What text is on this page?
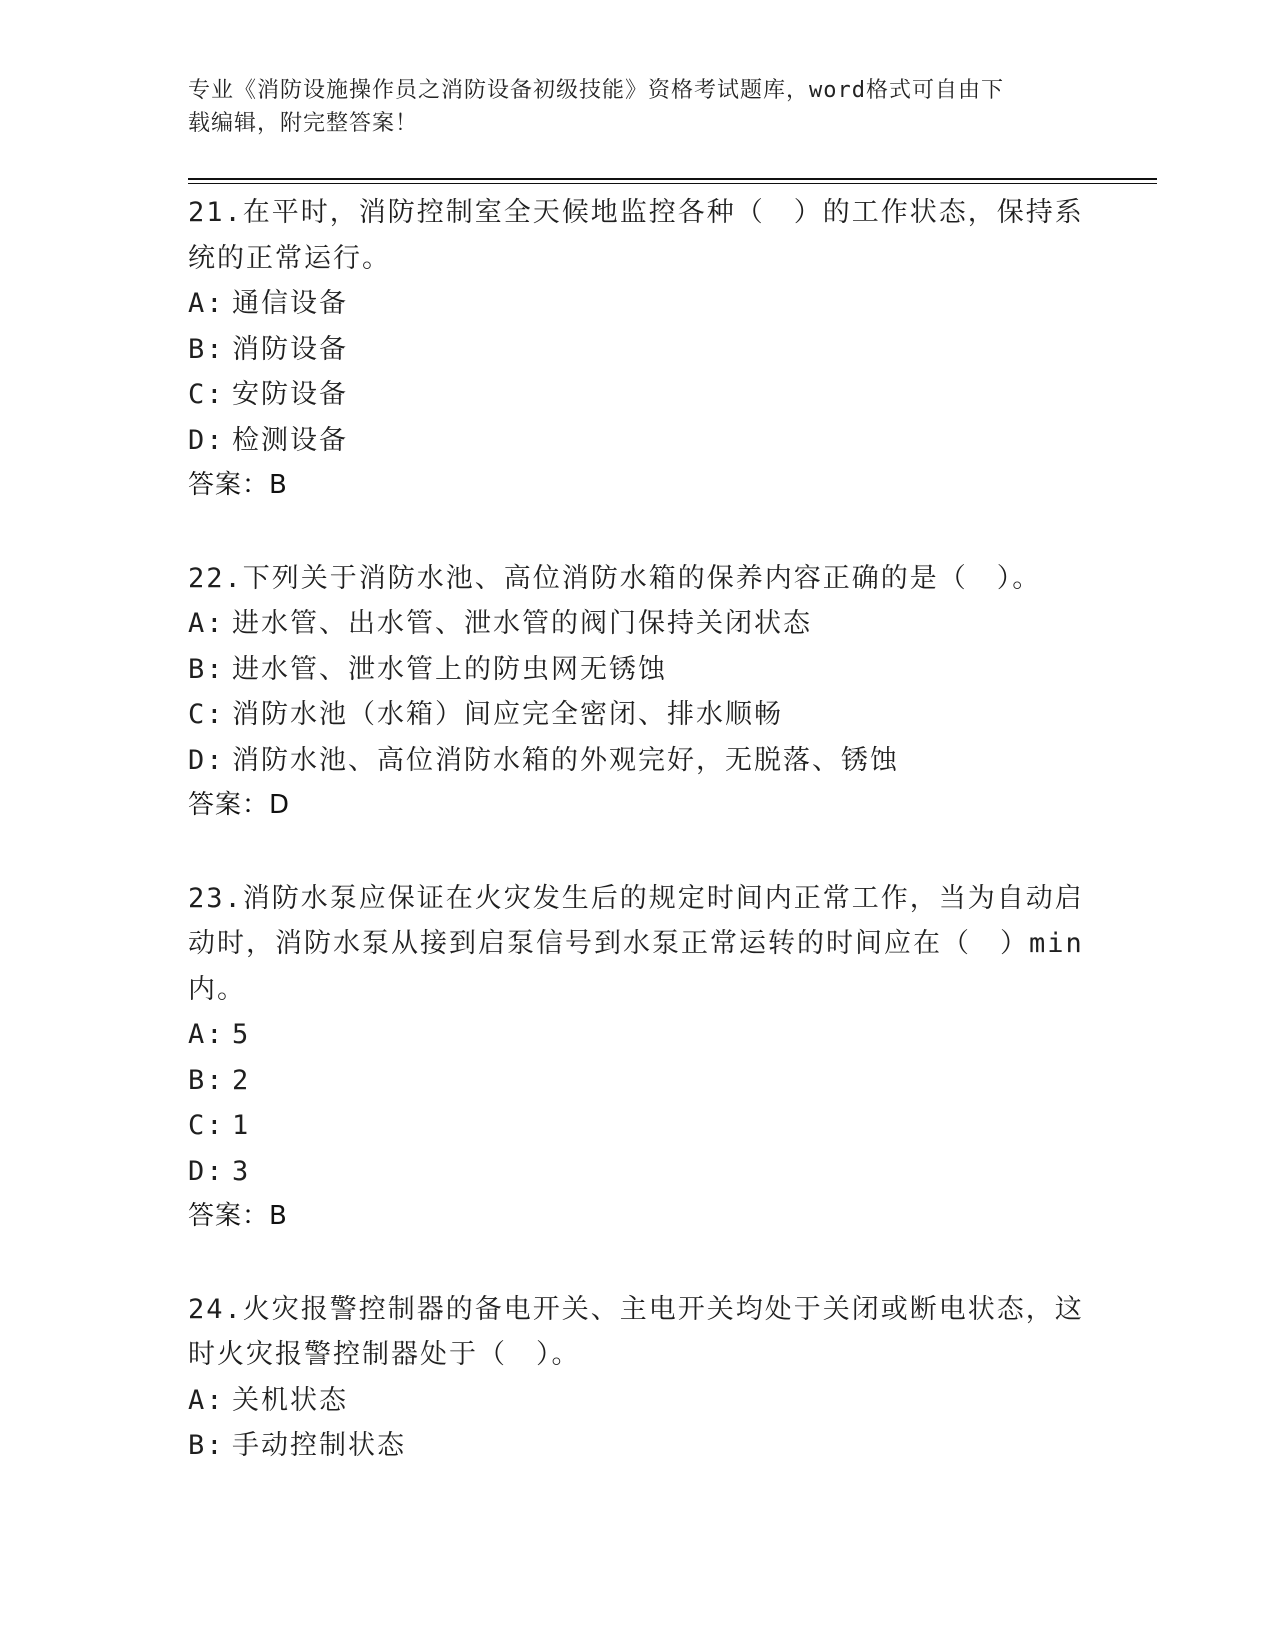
专业《消防设施操作员之消防设备初级技能》资格考试题库，word格式可自由下
载编辑，附完整答案！
21.在平时，消防控制室全天候地监控各种（　）的工作状态，保持系
统的正常运行。
A: 通信设备
B: 消防设备
C: 安防设备
D: 检测设备
答案：B
22.下列关于消防水池、高位消防水箱的保养内容正确的是（　）。
A: 进水管、出水管、泄水管的阀门保持关闭状态
B: 进水管、泄水管上的防虫网无锈蚀
C: 消防水池（水箱）间应完全密闭、排水顺畅
D: 消防水池、高位消防水箱的外观完好，无脱落、锈蚀
答案：D
23.消防水泵应保证在火灾发生后的规定时间内正常工作，当为自动启
动时，消防水泵从接到启泵信号到水泵正常运转的时间应在（　）min
内。
A: 5
B: 2
C: 1
D: 3
答案：B
24.火灾报警控制器的备电开关、主电开关均处于关闭或断电状态，这
时火灾报警控制器处于（　）。
A: 关机状态
B: 手动控制状态
